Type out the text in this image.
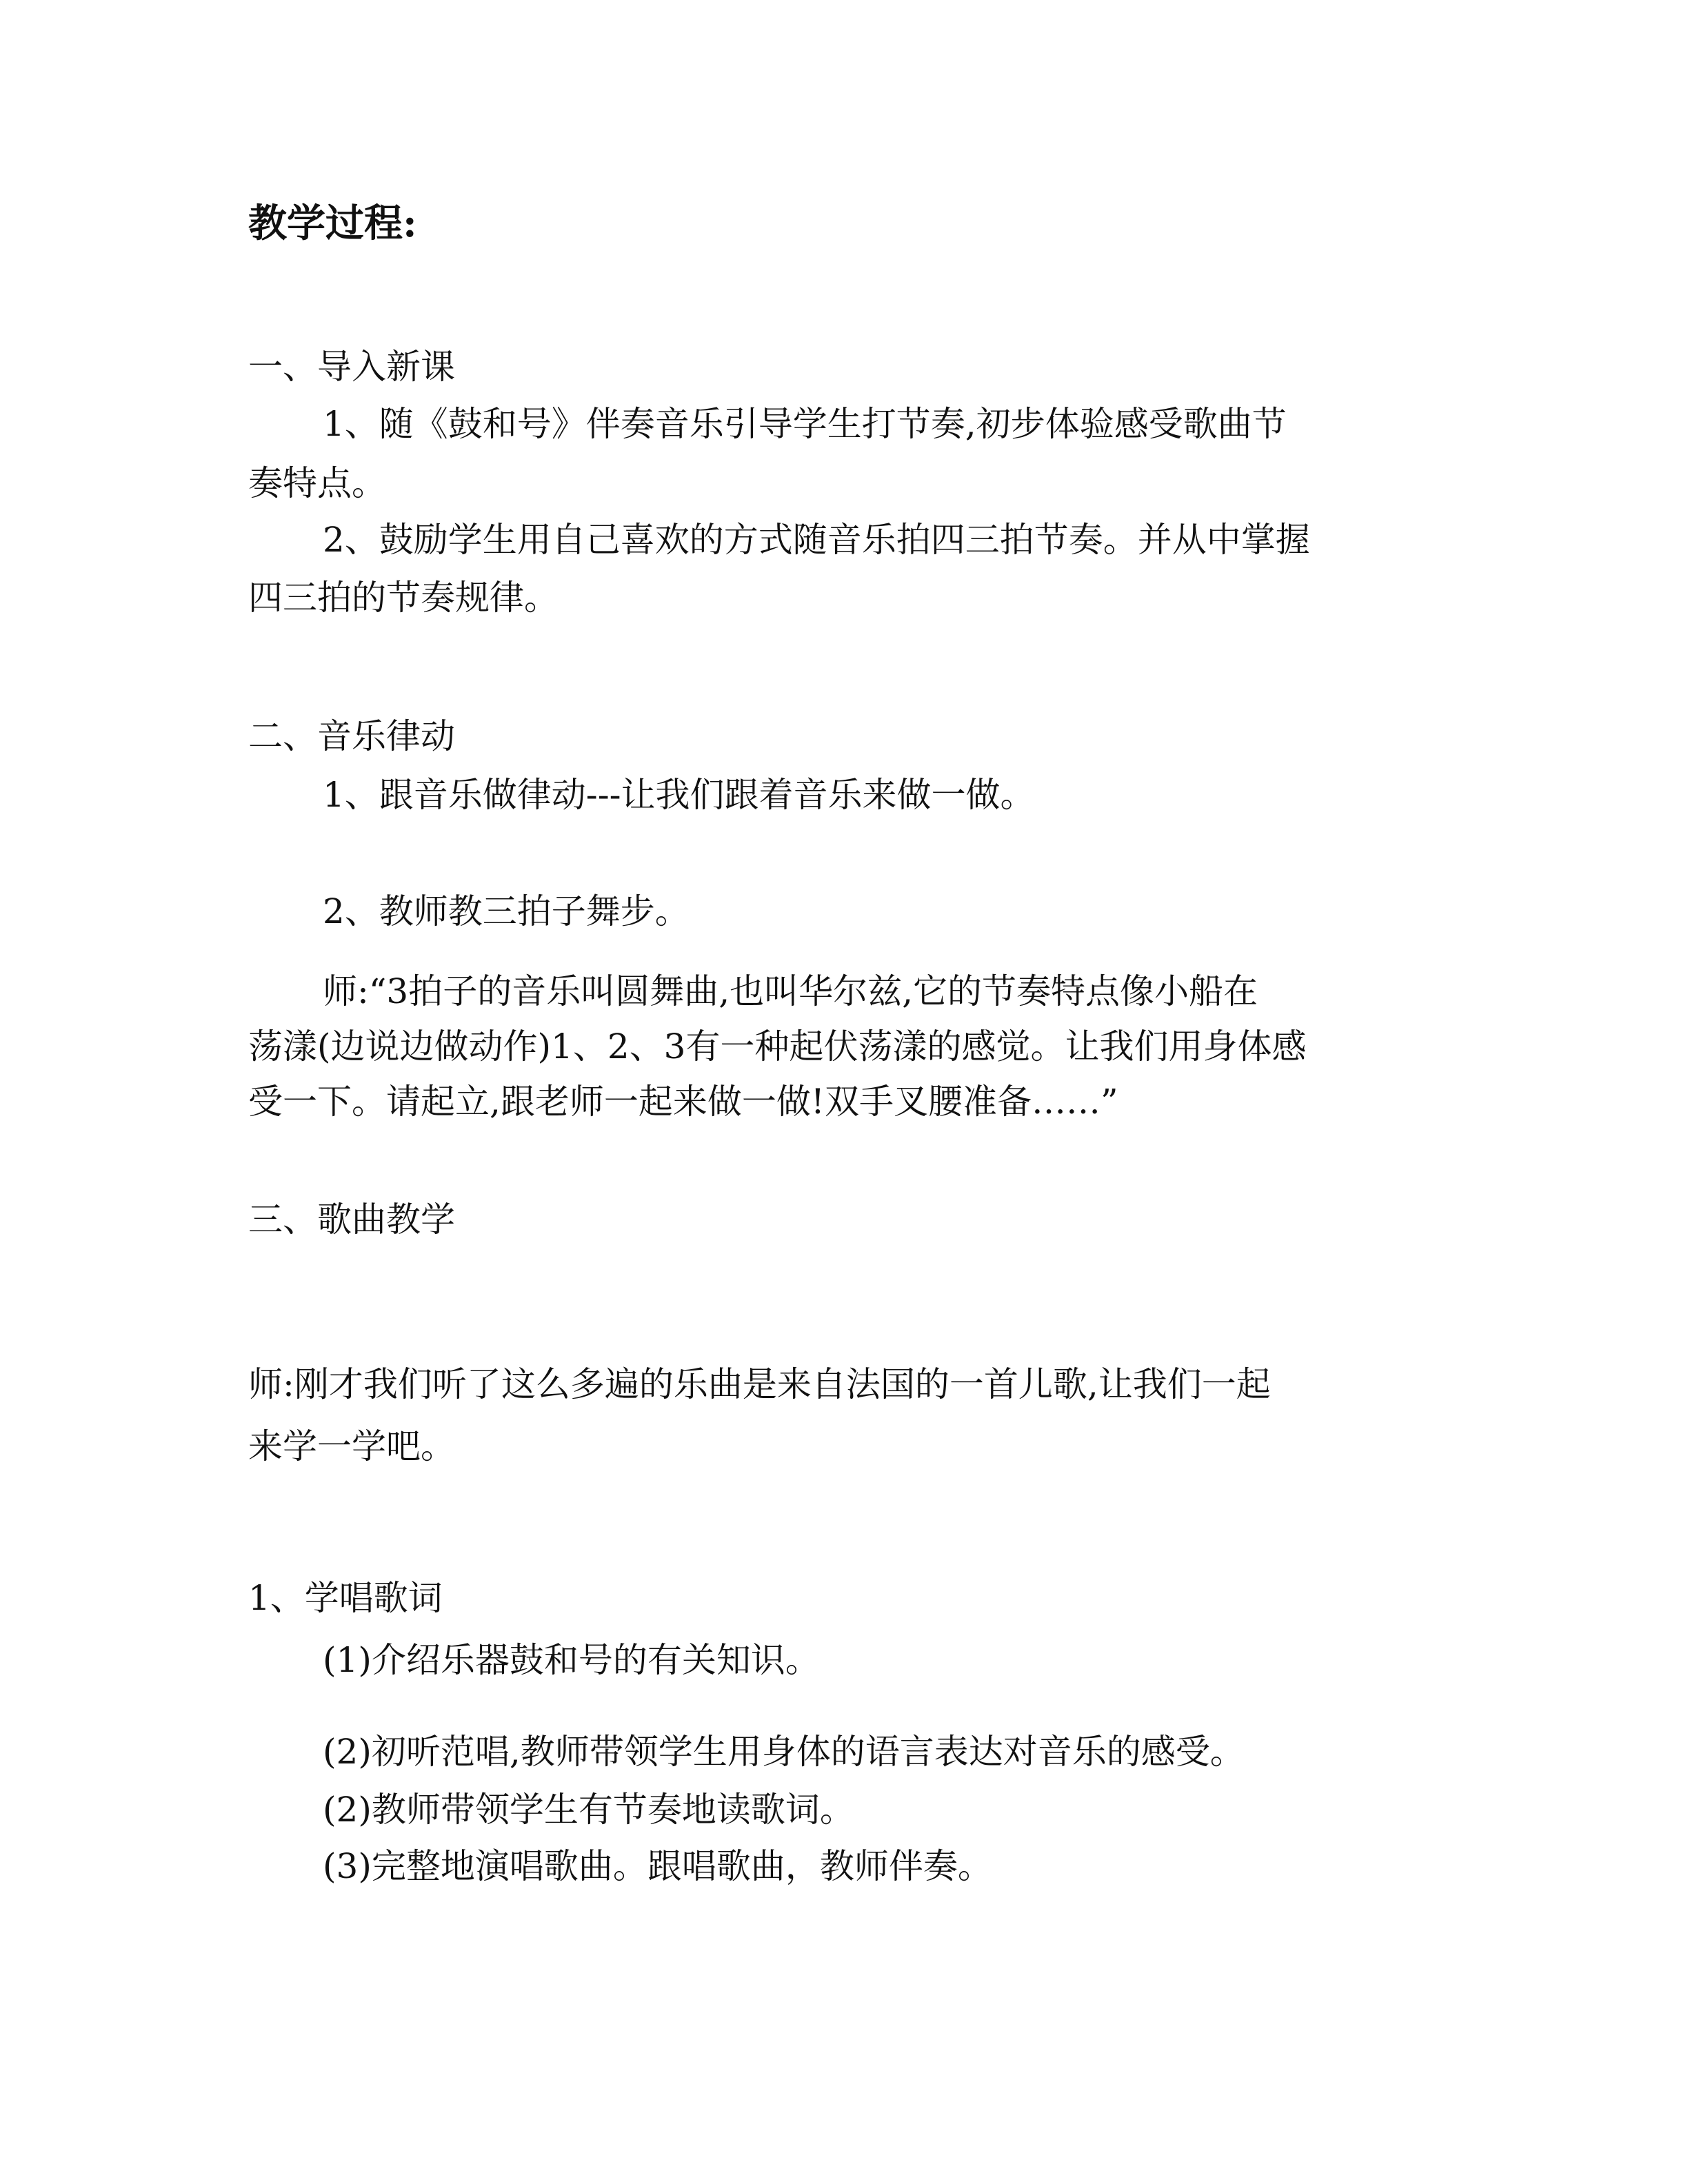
教学过程:
一、导入新课
1、随《鼓和号》伴奏音乐引导学生打节奏,初步体验感受歌曲节
奏特点。
2、鼓励学生用自己喜欢的方式随音乐拍四三拍节奏。并从中掌握
四三拍的节奏规律。
二、音乐律动
1、跟音乐做律动---让我们跟着音乐来做一做。
2、教师教三拍子舞步。
师:“3拍子的音乐叫圆舞曲,也叫华尔兹,它的节奏特点像小船在
荡漾(边说边做动作)1、2、3有一种起伏荡漾的感觉。让我们用身体感
受一下。请起立,跟老师一起来做一做!双手叉腰准备……”
三、歌曲教学
师:刚才我们听了这么多遍的乐曲是来自法国的一首儿歌,让我们一起
来学一学吧。
1、学唱歌词
(1)介绍乐器鼓和号的有关知识。
(2)初听范唱,教师带领学生用身体的语言表达对音乐的感受。
(2)教师带领学生有节奏地读歌词。
(3)完整地演唱歌曲。跟唱歌曲，教师伴奏。
